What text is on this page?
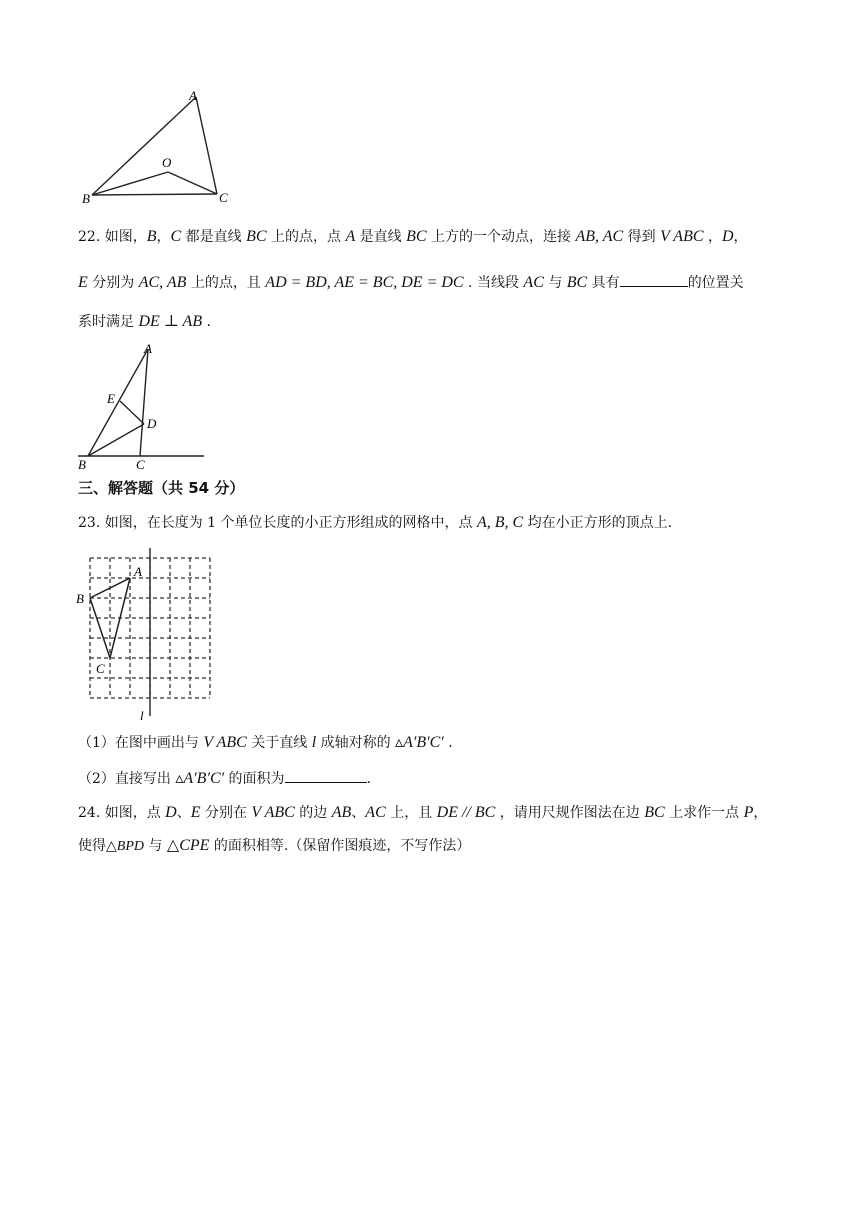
A
B	C
O
22. 如图，B，C 都是直线 BC 上的点，点 A 是直线 BC 上方的一个动点，连接 AB, AC 得到 V ABC ，D，
E 分别为 AC, AB 上的点，且 AD = BD, AE = BC, DE = DC . 当线段 AC 与 BC 具有	的位置关
系时满足 DE ⊥ AB .
A
B	C
D
E
三、解答题（共 54 分）
23. 如图，在长度为 1 个单位长度的小正方形组成的网格中，点 A, B, C 均在小正方形的顶点上.
A
B
C
l
（1）在图中画出与 V ABC 关于直线 l 成轴对称的 ▵A′B′C′ .
（2）直接写出 ▵A′B′C′ 的面积为	.
24. 如图，点 D、E 分别在 V ABC 的边 AB、AC 上，且 DE // BC ，请用尺规作图法在边 BC 上求作一点 P，
使得△BPD 与 △CPE 的面积相等.（保留作图痕迹，不写作法）
